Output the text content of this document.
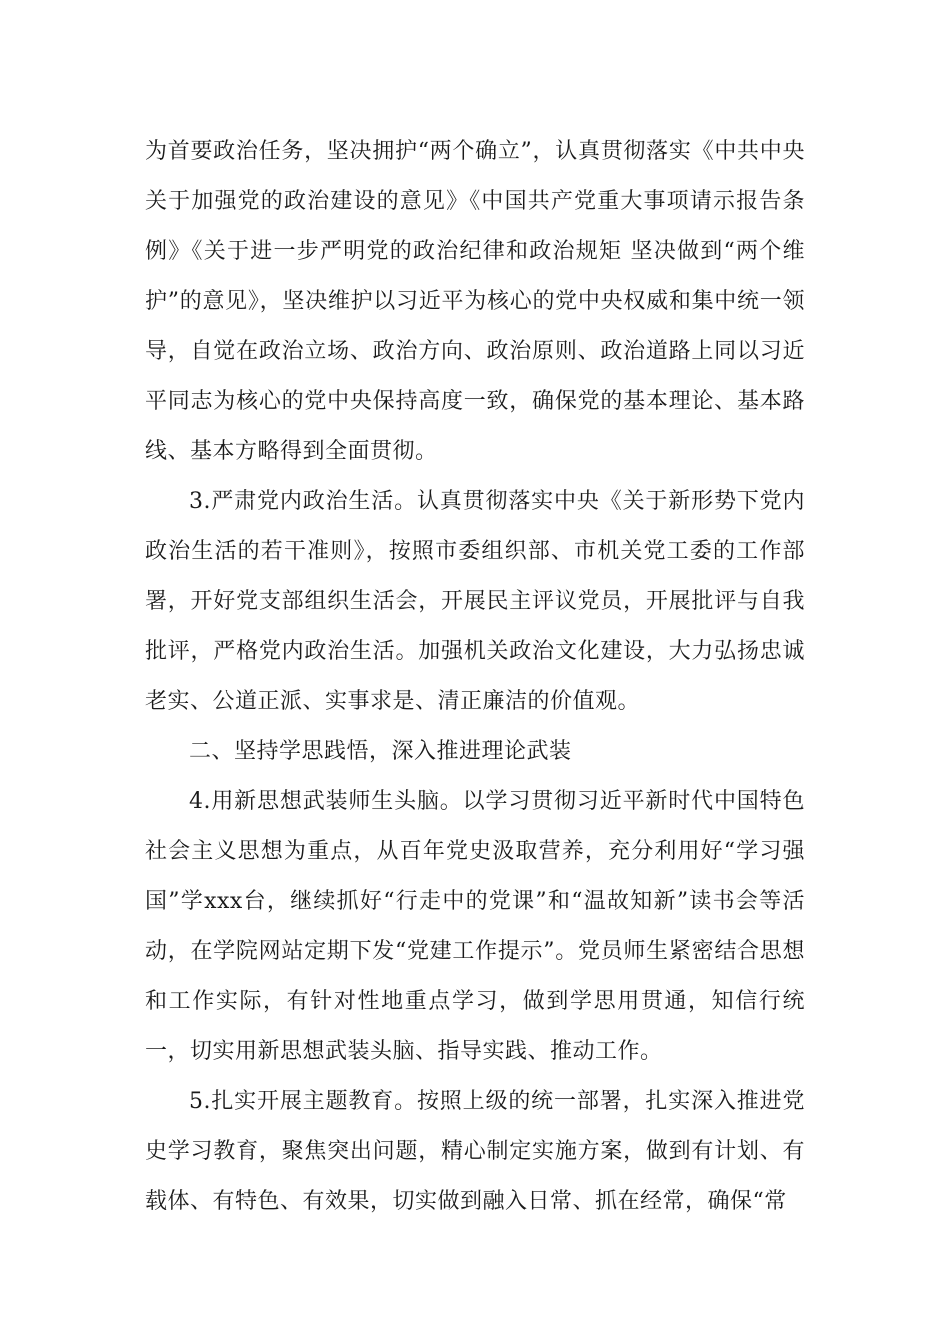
为首要政治任务，坚决拥护“两个确立”，认真贯彻落实《中共中央关于加强党的政治建设的意见》《中国共产党重大事项请示报告条例》《关于进一步严明党的政治纪律和政治规矩 坚决做到“两个维护”的意见》，坚决维护以习近平为核心的党中央权威和集中统一领导，自觉在政治立场、政治方向、政治原则、政治道路上同以习近平同志为核心的党中央保持高度一致，确保党的基本理论、基本路线、基本方略得到全面贯彻。

3.严肃党内政治生活。认真贯彻落实中央《关于新形势下党内政治生活的若干准则》，按照市委组织部、市机关党工委的工作部署，开好党支部组织生活会，开展民主评议党员，开展批评与自我批评，严格党内政治生活。加强机关政治文化建设，大力弘扬忠诚老实、公道正派、实事求是、清正廉洁的价值观。

二、坚持学思践悟，深入推进理论武装

4.用新思想武装师生头脑。以学习贯彻习近平新时代中国特色社会主义思想为重点，从百年党史汲取营养，充分利用好“学习强国”学xxx台，继续抓好“行走中的党课”和“温故知新”读书会等活动，在学院网站定期下发“党建工作提示”。党员师生紧密结合思想和工作实际，有针对性地重点学习，做到学思用贯通，知信行统一，切实用新思想武装头脑、指导实践、推动工作。

5.扎实开展主题教育。按照上级的统一部署，扎实深入推进党史学习教育，聚焦突出问题，精心制定实施方案，做到有计划、有载体、有特色、有效果，切实做到融入日常、抓在经常，确保“常
